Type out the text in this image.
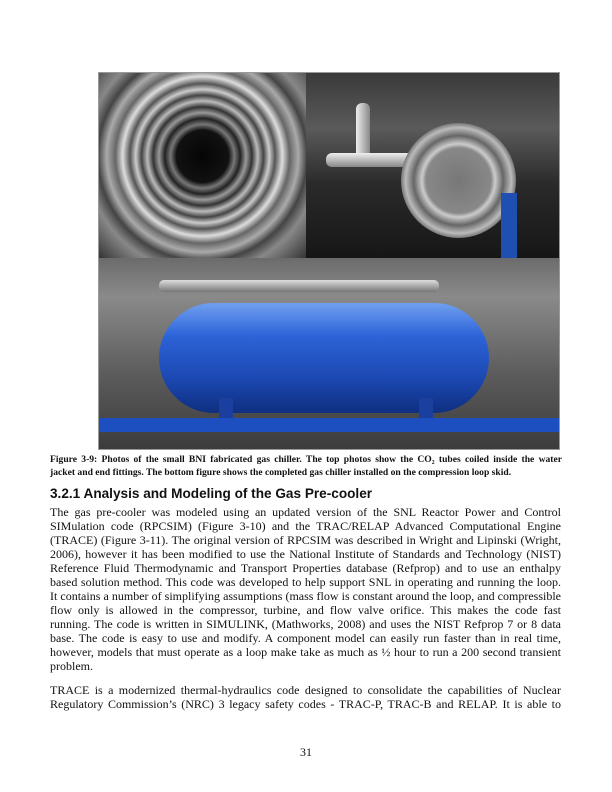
Figure 3-9: Photos of the small BNI fabricated gas chiller. The top photos show the CO₂ tubes coiled inside the water
jacket and end fittings. The bottom figure shows the completed gas chiller installed on the compression loop skid.
3.2.1 Analysis and Modeling of the Gas Pre-cooler
The gas pre-cooler was modeled using an updated version of the SNL Reactor Power and Control
SIMulation code (RPCSIM) (Figure 3-10) and the TRAC/RELAP Advanced Computational Engine
(TRACE) (Figure 3-11). The original version of RPCSIM was described in Wright and Lipinski (Wright,
2006), however it has been modified to use the National Institute of Standards and Technology (NIST)
Reference Fluid Thermodynamic and Transport Properties database (Refprop) and to use an enthalpy
based solution method. This code was developed to help support SNL in operating and running the loop.
It contains a number of simplifying assumptions (mass flow is constant around the loop, and compressible
flow only is allowed in the compressor, turbine, and flow valve orifice. This makes the code fast
running. The code is written in SIMULINK, (Mathworks, 2008) and uses the NIST Refprop 7 or 8 data
base. The code is easy to use and modify. A component model can easily run faster than in real time,
however, models that must operate as a loop make take as much as ½ hour to run a 200 second transient
problem.
TRACE is a modernized thermal-hydraulics code designed to consolidate the capabilities of Nuclear
Regulatory Commission’s (NRC) 3 legacy safety codes - TRAC-P, TRAC-B and RELAP. It is able to
31
